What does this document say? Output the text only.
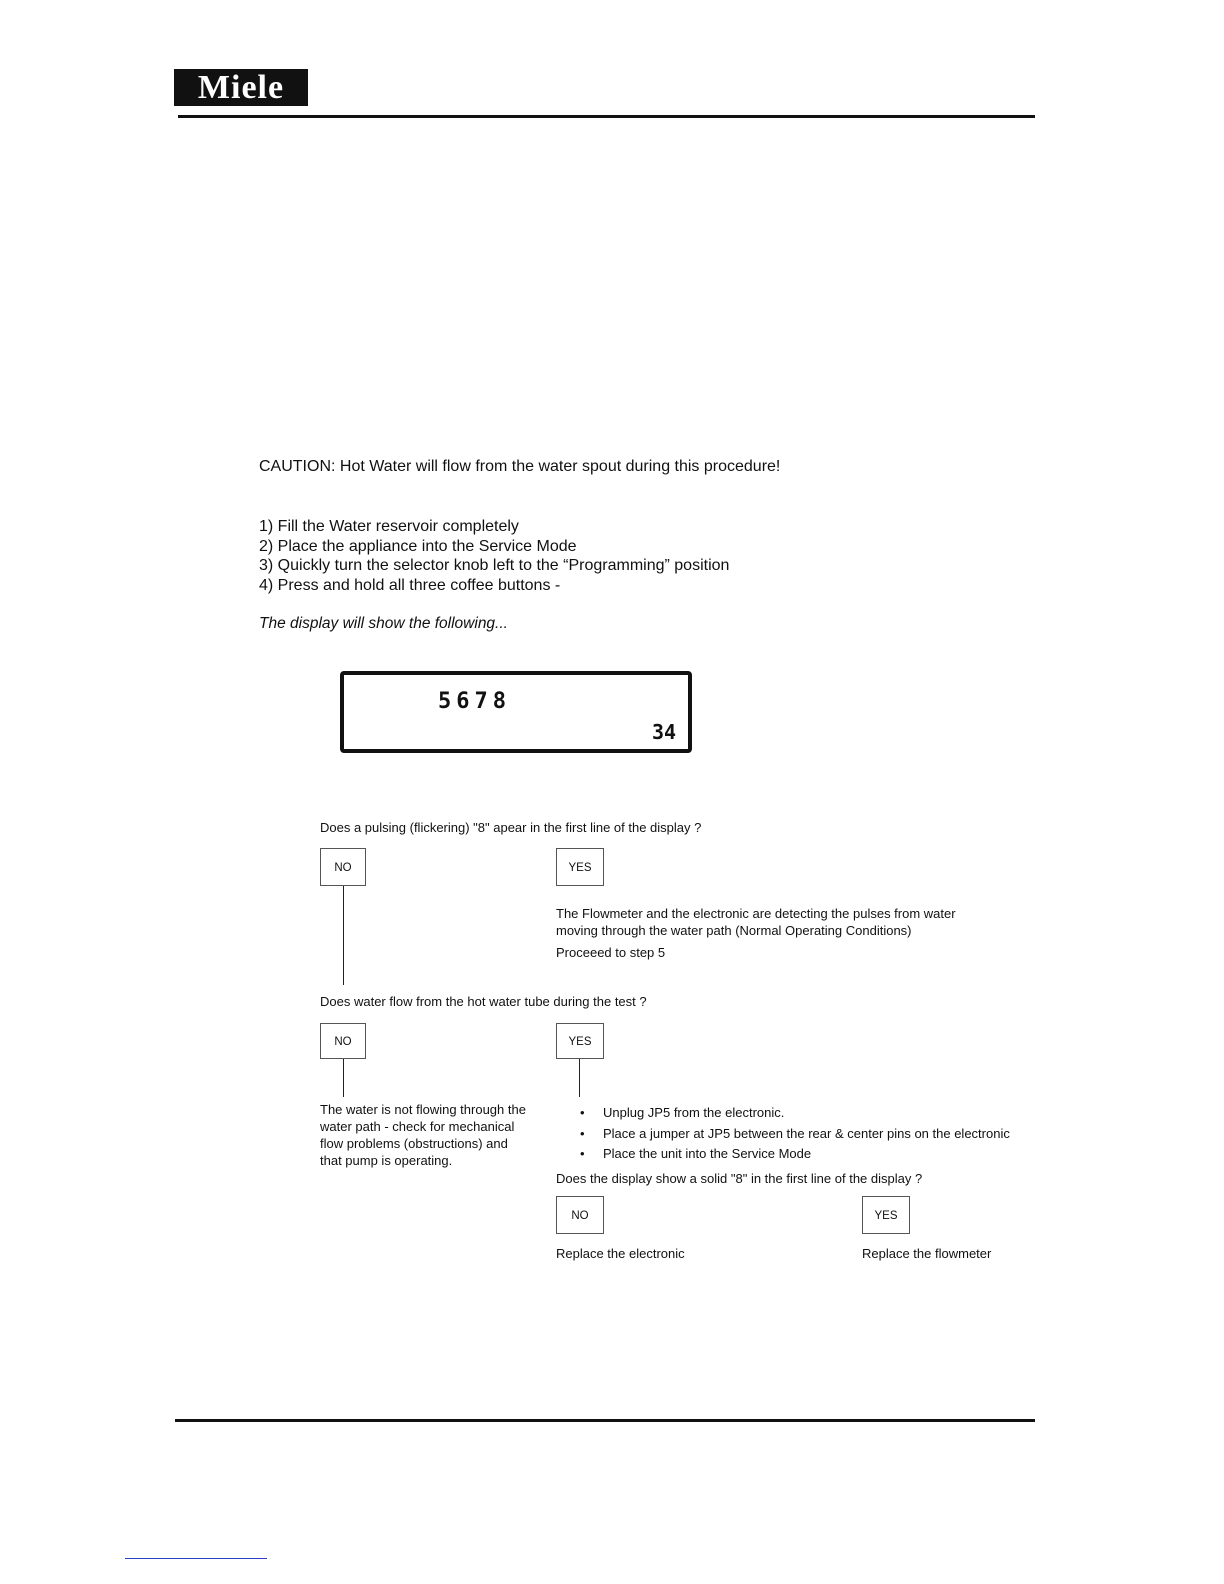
Miele
CAUTION: Hot Water will flow from the water spout during this procedure!
1) Fill the Water reservoir completely
2) Place the appliance into the Service Mode
3) Quickly turn the selector knob left to the “Programming” position
4) Press and hold all three coffee buttons -
The display will show the following...
5678
34
Does a pulsing (flickering) "8" apear in the first line of the display ?
NO	YES
The Flowmeter and the electronic are detecting the pulses from water
moving through the water path (Normal Operating Conditions)
Proceeed to step 5
Does water flow from the hot water tube during the test ?
NO	YES
The water is not flowing through the water path - check for mechanical flow problems (obstructions) and that pump is operating.
• Unplug JP5 from the electronic.
• Place a jumper at JP5 between the rear & center pins on the electronic
• Place the unit into the Service Mode
Does the display show a solid "8" in the first line of the display ?
NO	YES
Replace the electronic	Replace the flowmeter
